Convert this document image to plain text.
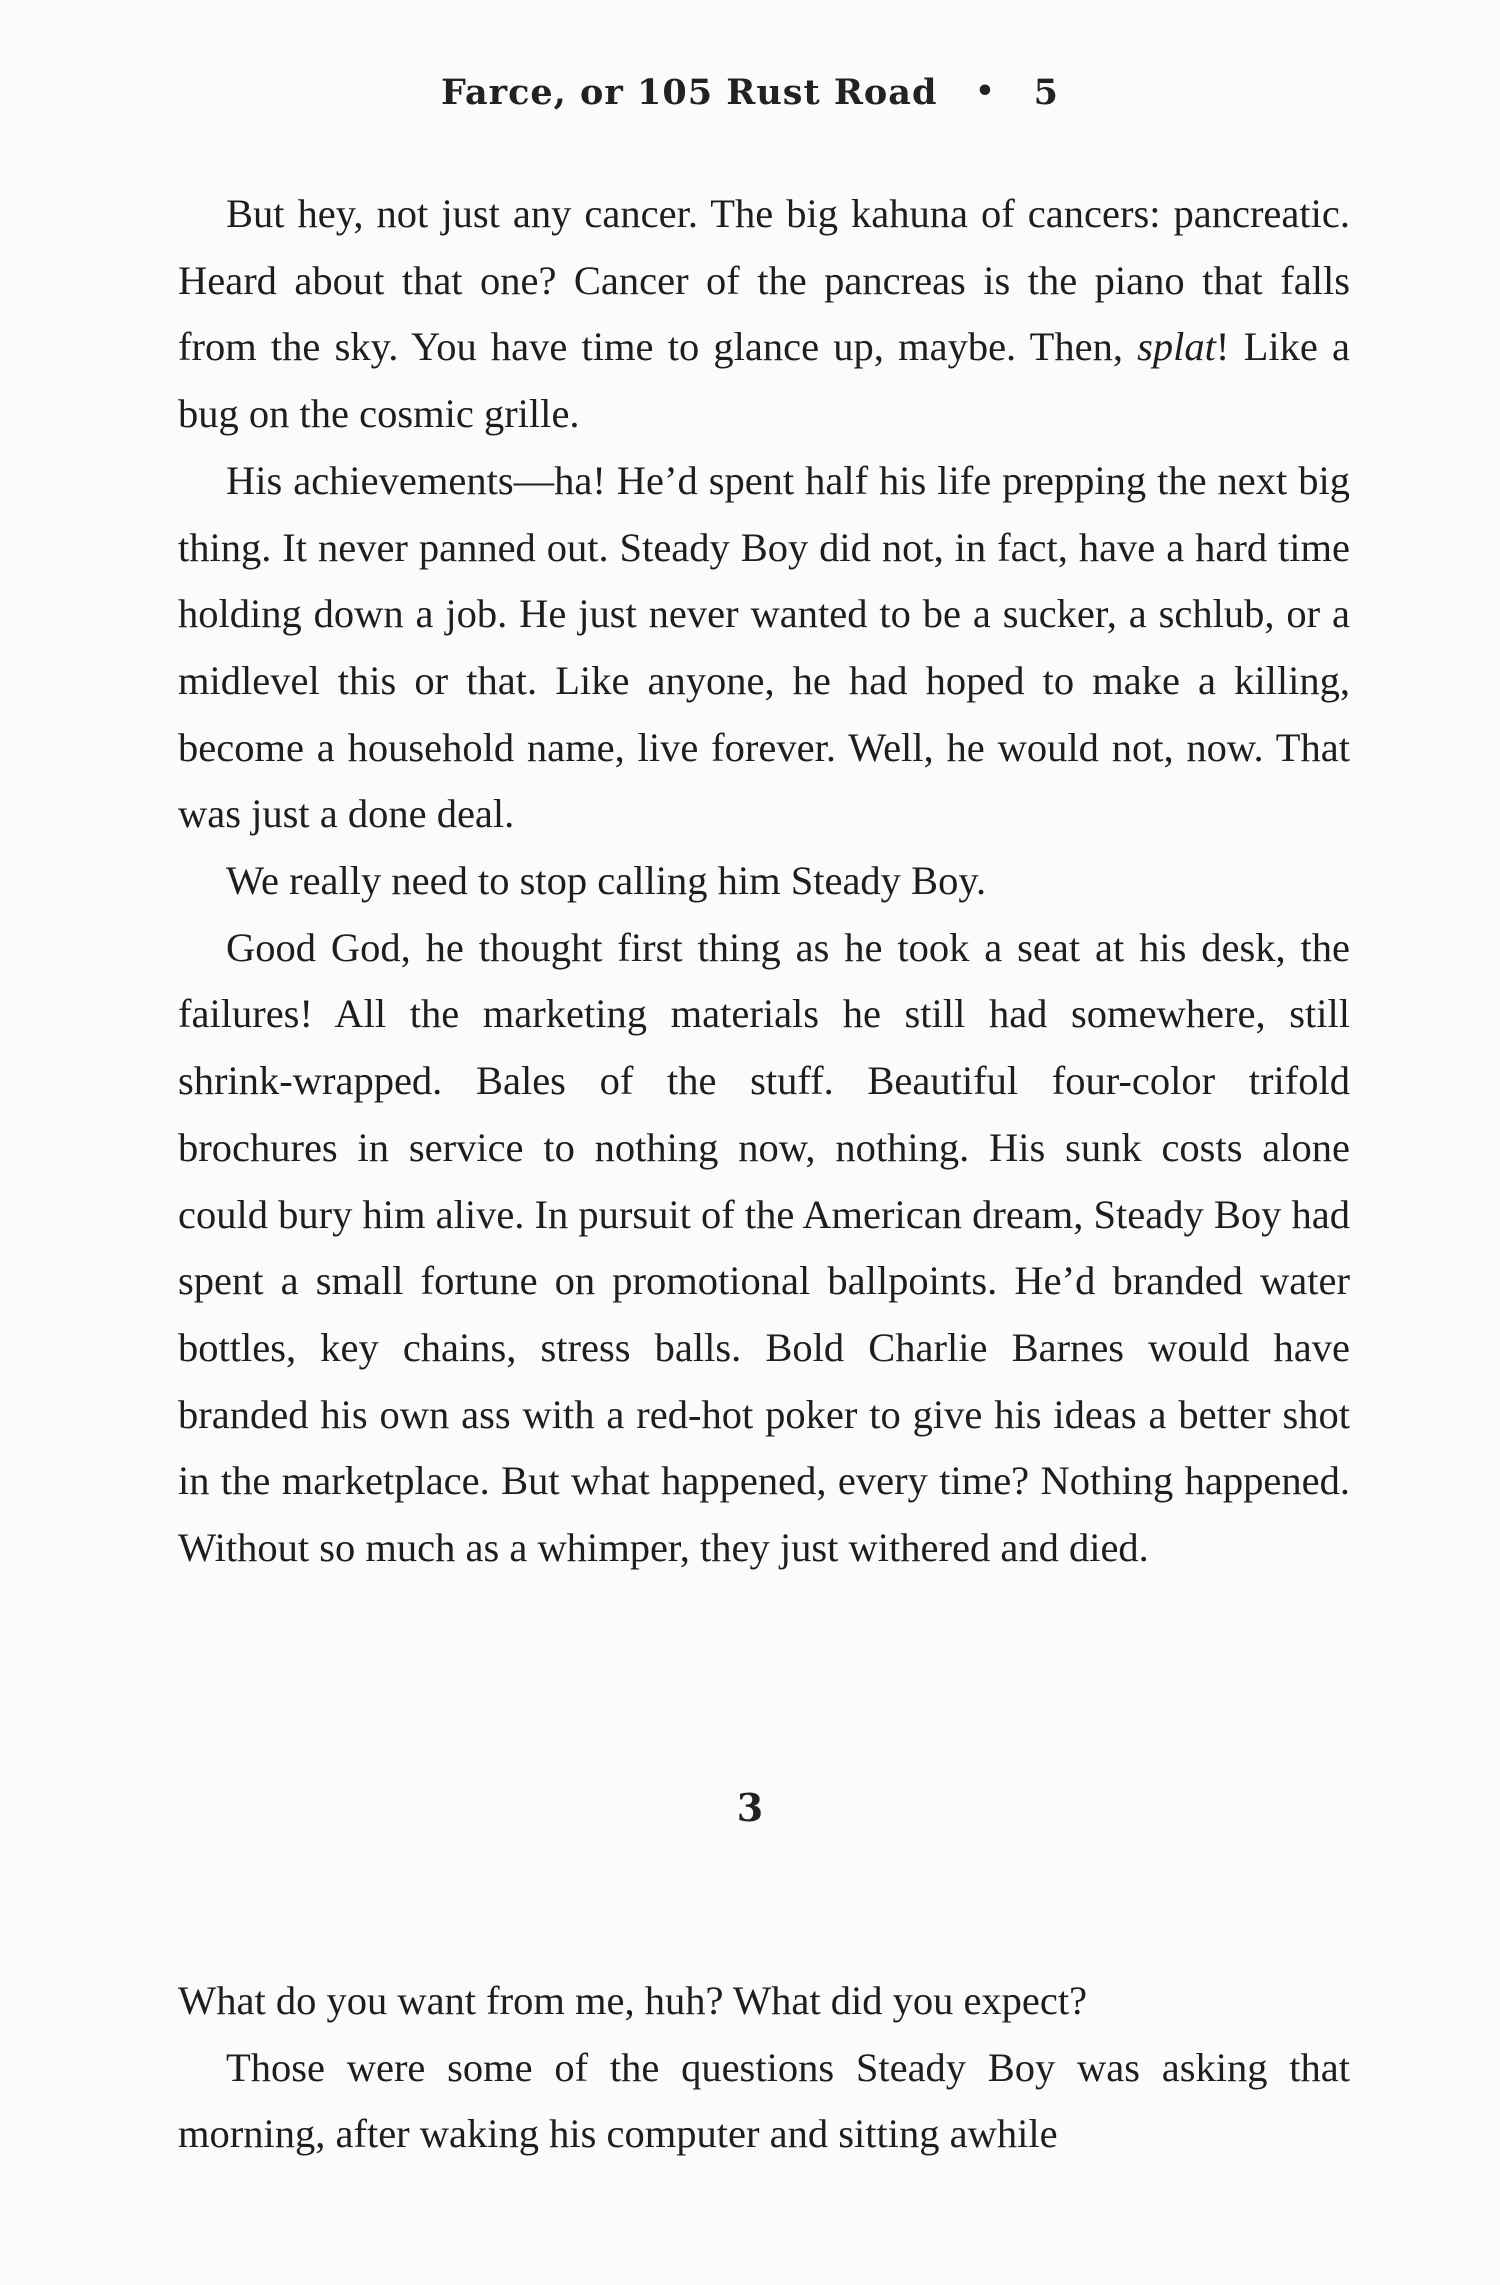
Farce, or 105 Rust Road • 5

But hey, not just any cancer. The big kahuna of cancers: pancreatic. Heard about that one? Cancer of the pancreas is the piano that falls from the sky. You have time to glance up, maybe. Then, splat! Like a bug on the cosmic grille.

His achievements—ha! He’d spent half his life prepping the next big thing. It never panned out. Steady Boy did not, in fact, have a hard time holding down a job. He just never wanted to be a sucker, a schlub, or a midlevel this or that. Like anyone, he had hoped to make a killing, become a household name, live forever. Well, he would not, now. That was just a done deal.

We really need to stop calling him Steady Boy.

Good God, he thought first thing as he took a seat at his desk, the failures! All the marketing materials he still had somewhere, still shrink-wrapped. Bales of the stuff. Beautiful four-color trifold brochures in service to nothing now, nothing. His sunk costs alone could bury him alive. In pursuit of the American dream, Steady Boy had spent a small fortune on promotional ballpoints. He’d branded water bottles, key chains, stress balls. Bold Charlie Barnes would have branded his own ass with a red-hot poker to give his ideas a better shot in the marketplace. But what happened, every time? Nothing happened. Without so much as a whimper, they just withered and died.

3

What do you want from me, huh? What did you expect?

Those were some of the questions Steady Boy was asking that morning, after waking his computer and sitting awhile
